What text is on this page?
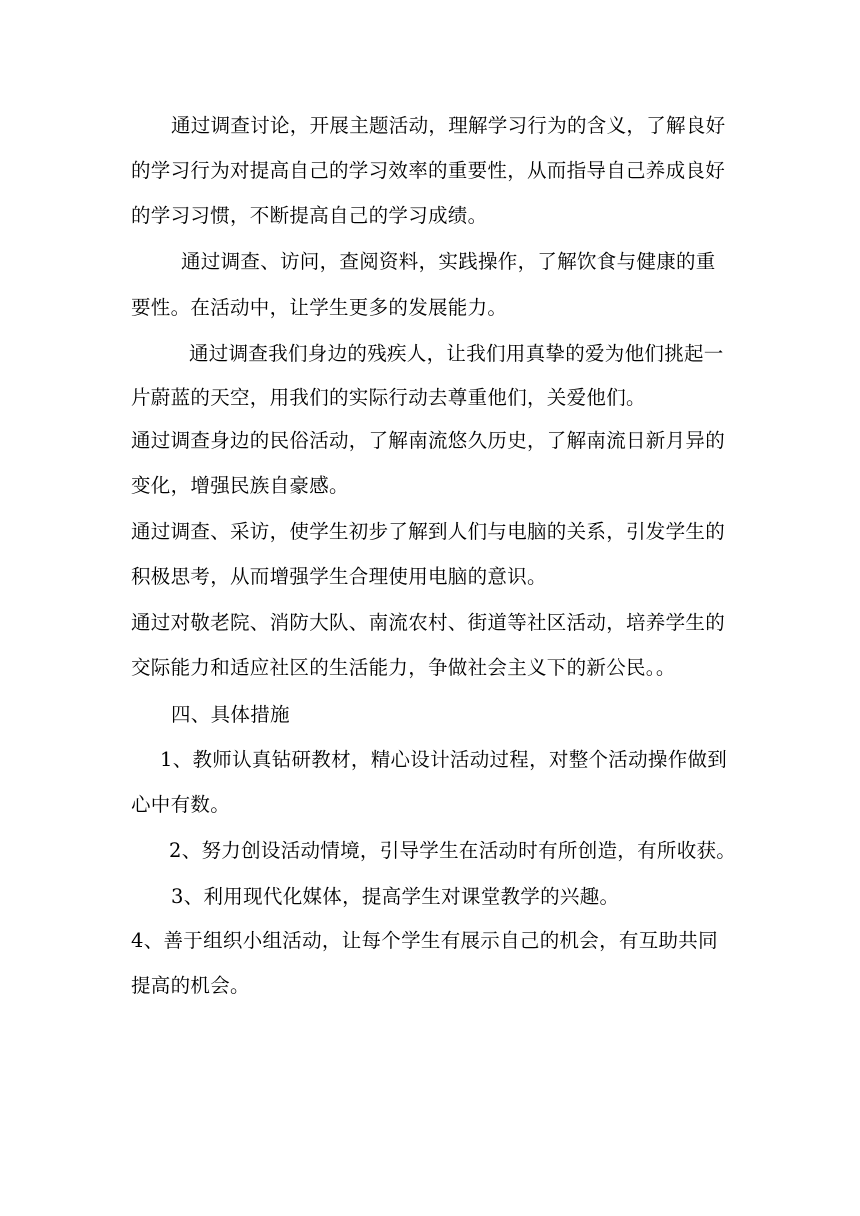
通过调查讨论，开展主题活动，理解学习行为的含义，了解良好

的学习行为对提高自己的学习效率的重要性，从而指导自己养成良好

的学习习惯，不断提高自己的学习成绩。

通过调查、访问，查阅资料，实践操作，了解饮食与健康的重

要性。在活动中，让学生更多的发展能力。

通过调查我们身边的残疾人，让我们用真挚的爱为他们挑起一

片蔚蓝的天空，用我们的实际行动去尊重他们，关爱他们。

通过调查身边的民俗活动，了解南流悠久历史，了解南流日新月异的

变化，增强民族自豪感。

通过调查、采访，使学生初步了解到人们与电脑的关系，引发学生的

积极思考，从而增强学生合理使用电脑的意识。

通过对敬老院、消防大队、南流农村、街道等社区活动，培养学生的

交际能力和适应社区的生活能力，争做社会主义下的新公民。。

四、具体措施

1、教师认真钻研教材，精心设计活动过程，对整个活动操作做到

心中有数。

2、努力创设活动情境，引导学生在活动时有所创造，有所收获。

3、利用现代化媒体，提高学生对课堂教学的兴趣。

4、善于组织小组活动，让每个学生有展示自己的机会，有互助共同

提高的机会。
